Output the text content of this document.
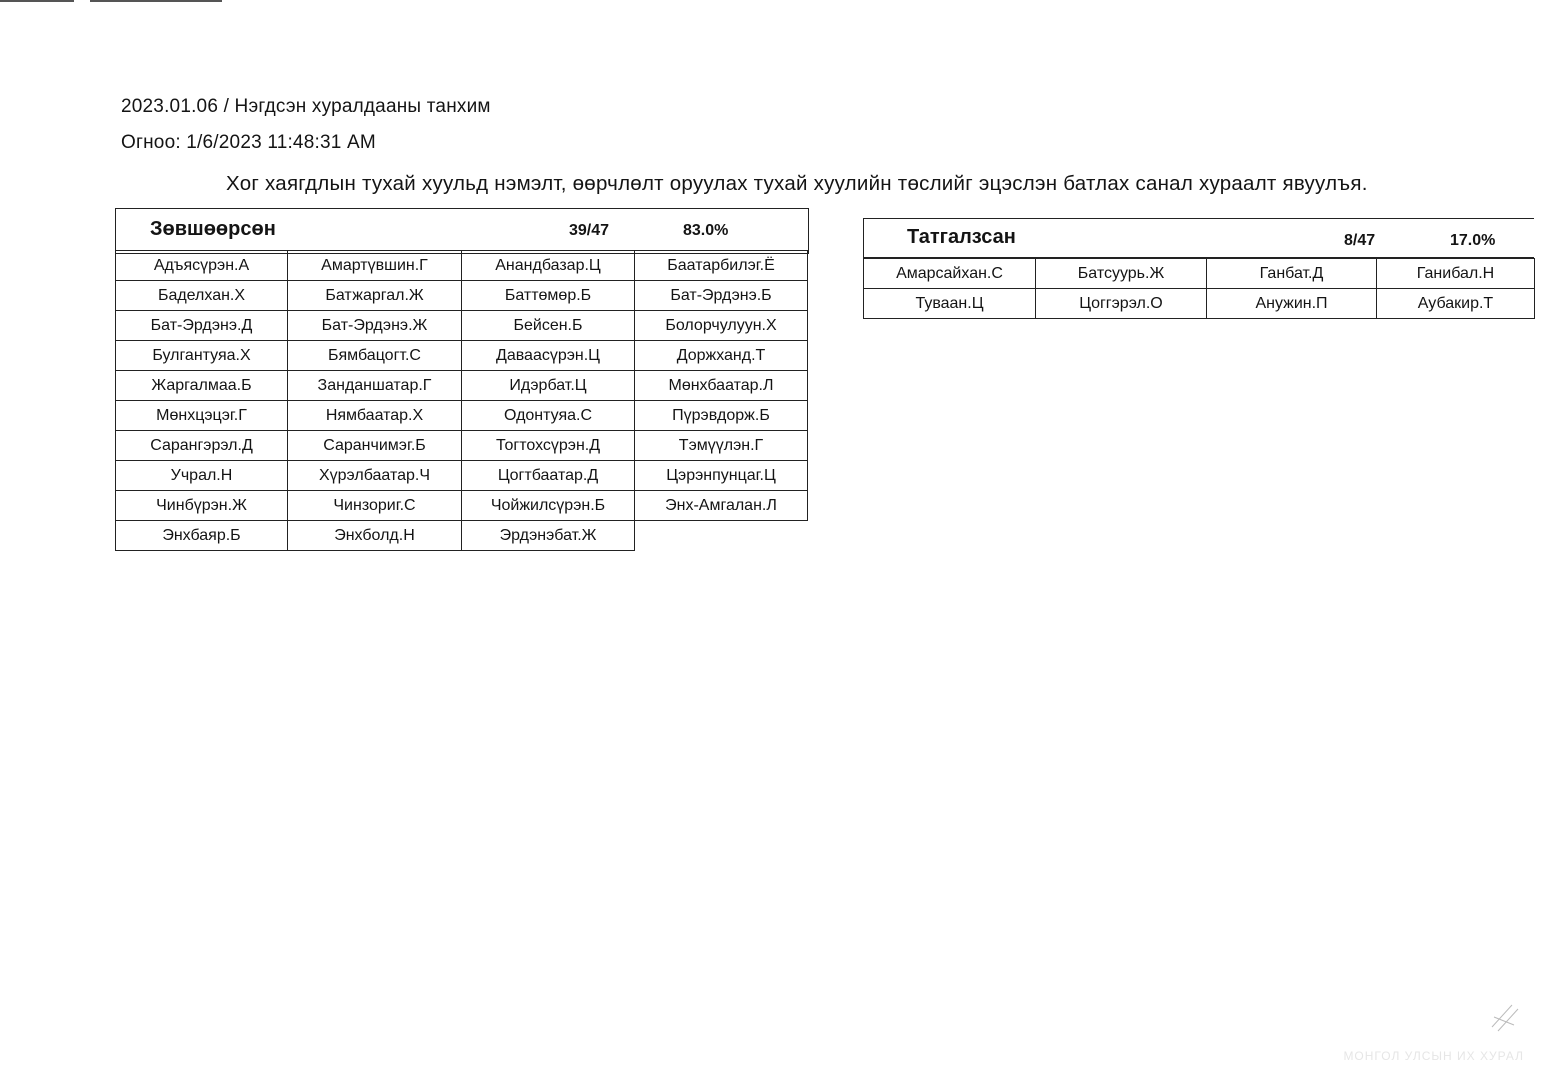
2023.01.06 / Нэгдсэн хуралдааны танхим
Огноо: 1/6/2023 11:48:31 AM
Хог хаягдлын тухай хуульд нэмэлт, өөрчлөлт оруулах тухай хуулийн төслийг эцэслэн батлах санал хураалт явуулъя.
Зөвшөөрсөн	39/47	83.0%
Адъясүрэн.А	Амартүвшин.Г	Анандбазар.Ц	Баатарбилэг.Ё
Баделхан.Х	Батжаргал.Ж	Баттөмөр.Б	Бат-Эрдэнэ.Б
Бат-Эрдэнэ.Д	Бат-Эрдэнэ.Ж	Бейсен.Б	Болорчулуун.Х
Булгантуяа.Х	Бямбацогт.С	Даваасүрэн.Ц	Доржханд.Т
Жаргалмаа.Б	Занданшатар.Г	Идэрбат.Ц	Мөнхбаатар.Л
Мөнхцэцэг.Г	Нямбаатар.Х	Одонтуяа.С	Пүрэвдорж.Б
Сарангэрэл.Д	Саранчимэг.Б	Тогтохсүрэн.Д	Тэмүүлэн.Г
Учрал.Н	Хүрэлбаатар.Ч	Цогтбаатар.Д	Цэрэнпунцаг.Ц
Чинбүрэн.Ж	Чинзориг.С	Чойжилсүрэн.Б	Энх-Амгалан.Л
Энхбаяр.Б	Энхболд.Н	Эрдэнэбат.Ж	
Татгалзсан	8/47	17.0%
Амарсайхан.С	Батсуурь.Ж	Ганбат.Д	Ганибал.Н
Туваан.Ц	Цоггэрэл.О	Анужин.П	Аубакир.Т
МОНГОЛ УЛСЫН ИХ ХУРАЛ
